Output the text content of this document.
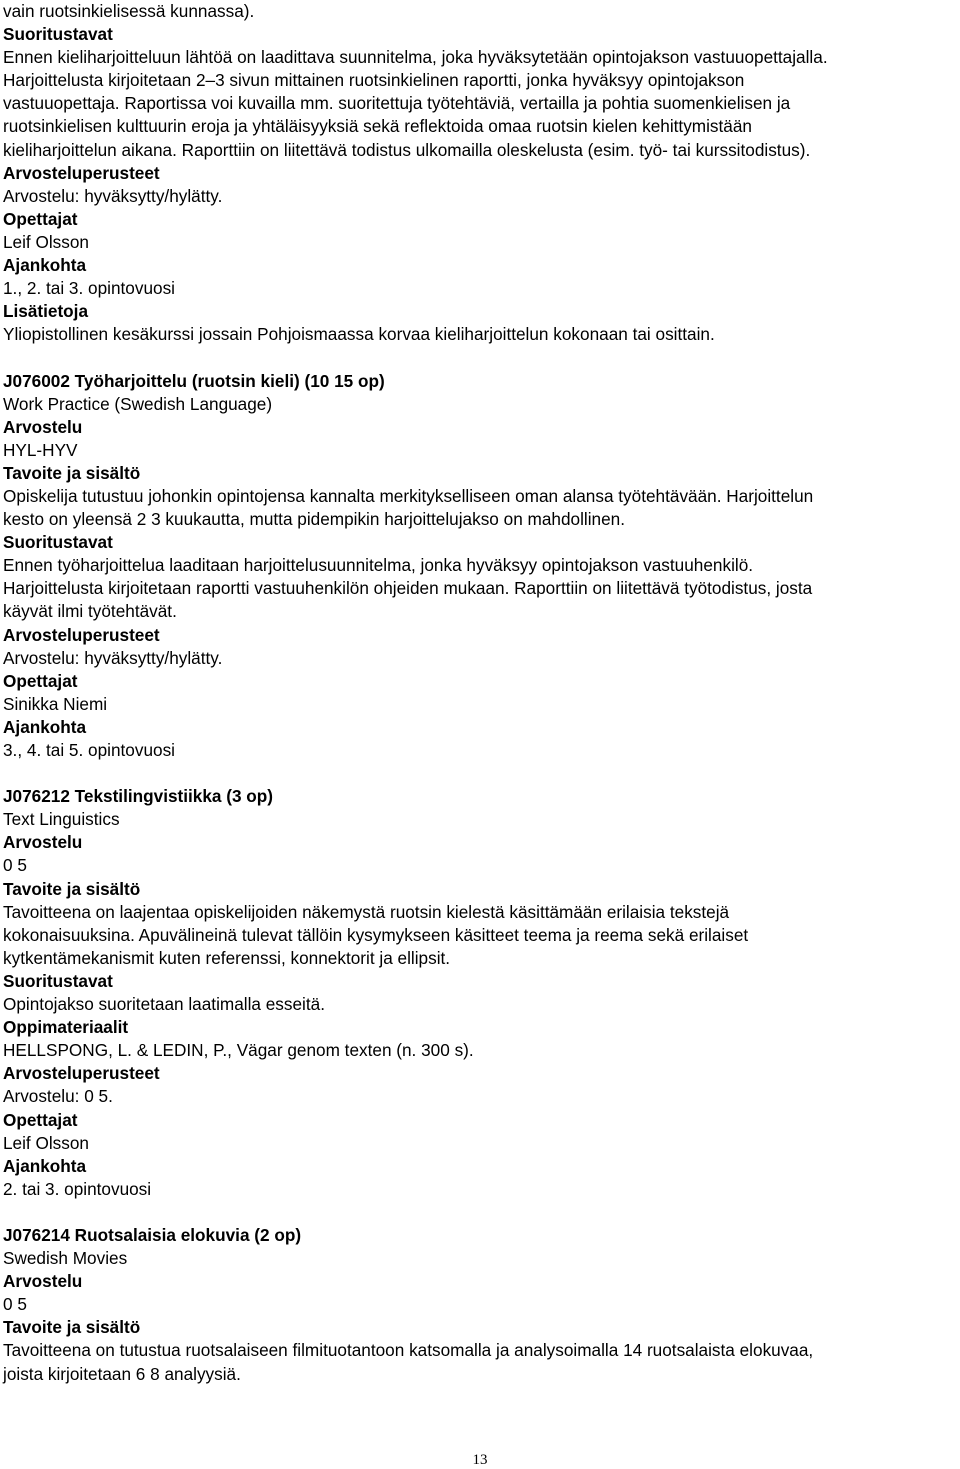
vain ruotsinkielisessä kunnassa).
Suoritustavat
Ennen kieliharjoitteluun lähtöä on laadittava suunnitelma, joka hyväksytetään opintojakson vastuuopettajalla.
Harjoittelusta kirjoitetaan 2–3 sivun mittainen ruotsinkielinen raportti, jonka hyväksyy opintojakson
vastuuopettaja. Raportissa voi kuvailla mm. suoritettuja työtehtäviä, vertailla ja pohtia suomenkielisen ja
ruotsinkielisen kulttuurin eroja ja yhtäläisyyksiä sekä reflektoida omaa ruotsin kielen kehittymistään
kieliharjoittelun aikana. Raporttiin on liitettävä todistus ulkomailla oleskelusta (esim. työ- tai kurssitodistus).
Arvosteluperusteet
Arvostelu: hyväksytty/hylätty.
Opettajat
Leif Olsson
Ajankohta
1., 2. tai 3. opintovuosi
Lisätietoja
Yliopistollinen kesäkurssi jossain Pohjoismaassa korvaa kieliharjoittelun kokonaan tai osittain.
J076002 Työharjoittelu (ruotsin kieli) (10 15 op)
Work Practice (Swedish Language)
Arvostelu
HYL-HYV
Tavoite ja sisältö
Opiskelija tutustuu johonkin opintojensa kannalta merkitykselliseen oman alansa työtehtävään. Harjoittelun
kesto on yleensä 2 3 kuukautta, mutta pidempikin harjoittelujakso on mahdollinen.
Suoritustavat
Ennen työharjoittelua laaditaan harjoittelusuunnitelma, jonka hyväksyy opintojakson vastuuhenkilö.
Harjoittelusta kirjoitetaan raportti vastuuhenkilön ohjeiden mukaan. Raporttiin on liitettävä työtodistus, josta
käyvät ilmi työtehtävät.
Arvosteluperusteet
Arvostelu: hyväksytty/hylätty.
Opettajat
Sinikka Niemi
Ajankohta
3., 4. tai 5. opintovuosi
J076212 Tekstilingvistiikka (3 op)
Text Linguistics
Arvostelu
0 5
Tavoite ja sisältö
Tavoitteena on laajentaa opiskelijoiden näkemystä ruotsin kielestä käsittämään erilaisia tekstejä
kokonaisuuksina. Apuvälineinä tulevat tällöin kysymykseen käsitteet teema ja reema sekä erilaiset
kytkentämekanismit kuten referenssi, konnektorit ja ellipsit.
Suoritustavat
Opintojakso suoritetaan laatimalla esseitä.
Oppimateriaalit
HELLSPONG, L. & LEDIN, P., Vägar genom texten (n. 300 s).
Arvosteluperusteet
Arvostelu: 0 5.
Opettajat
Leif Olsson
Ajankohta
2. tai 3. opintovuosi
J076214 Ruotsalaisia elokuvia (2 op)
Swedish Movies
Arvostelu
0 5
Tavoite ja sisältö
Tavoitteena on tutustua ruotsalaiseen filmituotantoon katsomalla ja analysoimalla 14 ruotsalaista elokuvaa,
joista kirjoitetaan 6 8 analyysiä.
13
